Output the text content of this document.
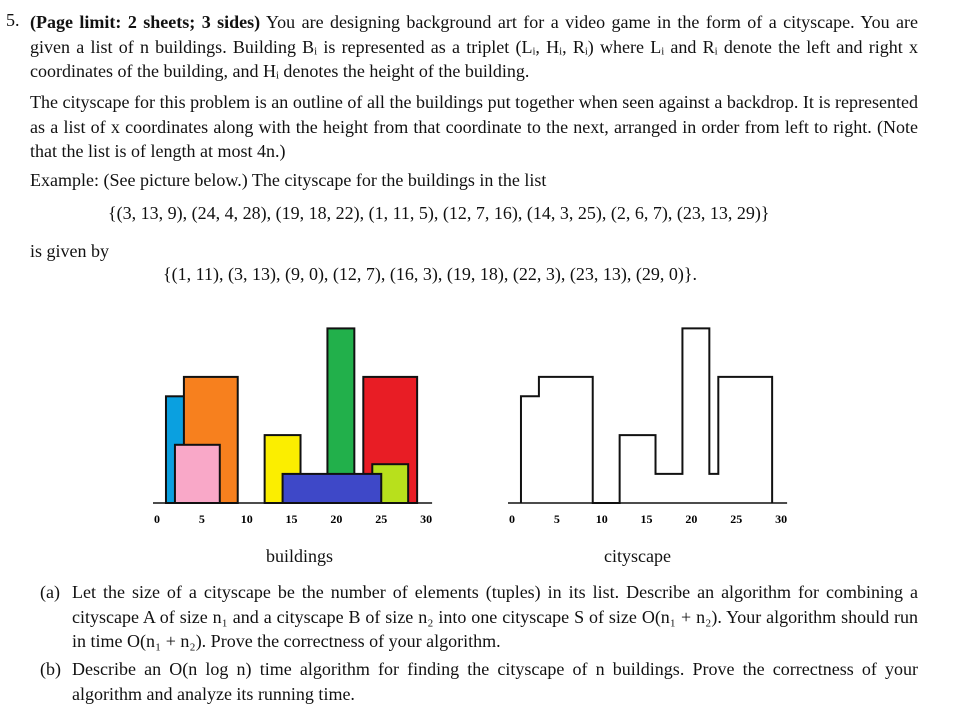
5. (Page limit: 2 sheets; 3 sides) You are designing background art for a video game in the form of a cityscape. You are given a list of n buildings. Building Bᵢ is represented as a triplet (Lᵢ, Hᵢ, Rᵢ) where Lᵢ and Rᵢ denote the left and right x coordinates of the building, and Hᵢ denotes the height of the building.
The cityscape for this problem is an outline of all the buildings put together when seen against a backdrop. It is represented as a list of x coordinates along with the height from that coordinate to the next, arranged in order from left to right. (Note that the list is of length at most 4n.)
Example: (See picture below.) The cityscape for the buildings in the list
{(3, 13, 9), (24, 4, 28), (19, 18, 22), (1, 11, 5), (12, 7, 16), (14, 3, 25), (2, 6, 7), (23, 13, 29)}
is given by
{(1, 11), (3, 13), (9, 0), (12, 7), (16, 3), (19, 18), (22, 3), (23, 13), (29, 0)}.
0	5	10	15	20	25	30	0	5	10	15	20	25	30
buildings	cityscape
(a) Let the size of a cityscape be the number of elements (tuples) in its list. Describe an algorithm for combining a cityscape A of size n₁ and a cityscape B of size n₂ into one cityscape S of size O(n₁ + n₂). Your algorithm should run in time O(n₁ + n₂). Prove the correctness of your algorithm.
(b) Describe an O(n log n) time algorithm for finding the cityscape of n buildings. Prove the correctness of your algorithm and analyze its running time.
